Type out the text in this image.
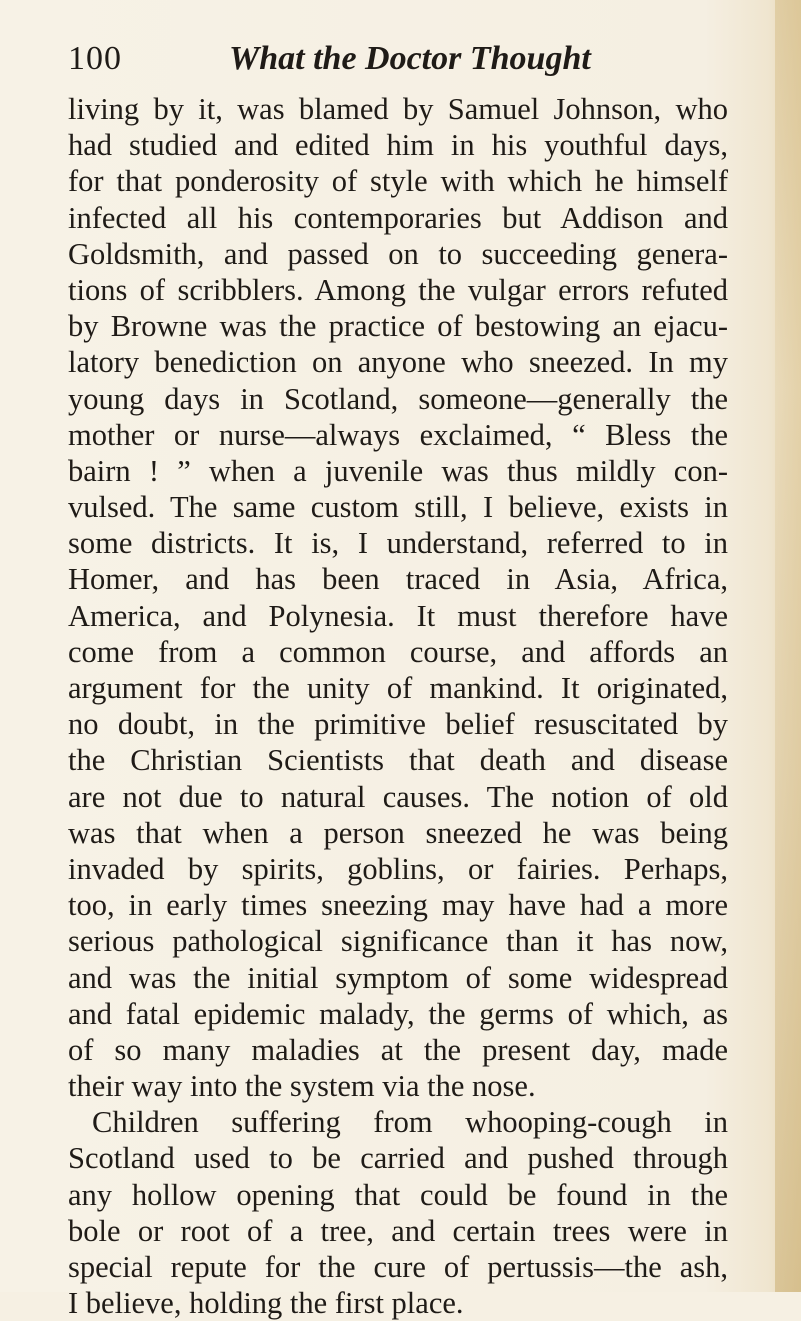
100	What the Doctor Thought
living by it, was blamed by Samuel Johnson, who
had studied and edited him in his youthful days,
for that ponderosity of style with which he himself
infected all his contemporaries but Addison and
Goldsmith, and passed on to succeeding genera-
tions of scribblers. Among the vulgar errors refuted
by Browne was the practice of bestowing an ejacu-
latory benediction on anyone who sneezed. In my
young days in Scotland, someone—generally the
mother or nurse—always exclaimed, “ Bless the
bairn ! ” when a juvenile was thus mildly con-
vulsed. The same custom still, I believe, exists in
some districts. It is, I understand, referred to in
Homer, and has been traced in Asia, Africa,
America, and Polynesia. It must therefore have
come from a common course, and affords an
argument for the unity of mankind. It originated,
no doubt, in the primitive belief resuscitated by
the Christian Scientists that death and disease
are not due to natural causes. The notion of old
was that when a person sneezed he was being
invaded by spirits, goblins, or fairies. Perhaps,
too, in early times sneezing may have had a more
serious pathological significance than it has now,
and was the initial symptom of some widespread
and fatal epidemic malady, the germs of which, as
of so many maladies at the present day, made
their way into the system via the nose.
Children suffering from whooping-cough in
Scotland used to be carried and pushed through
any hollow opening that could be found in the
bole or root of a tree, and certain trees were in
special repute for the cure of pertussis—the ash,
I believe, holding the first place.
